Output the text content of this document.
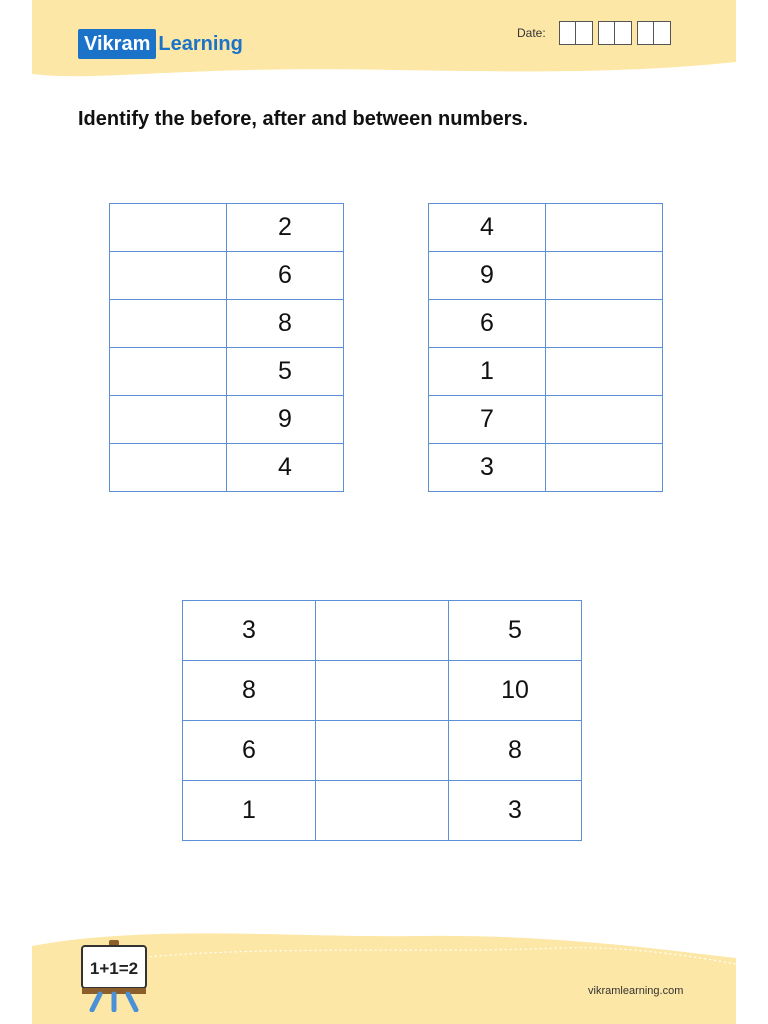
Vikram Learning	Date:
Identify the before, after and between numbers.
	2
	6
	8
	5
	9
	4
4	
9	
6	
1	
7	
3	
3		5
8		10
6		8
1		3
1+1=2
vikramlearning.com
